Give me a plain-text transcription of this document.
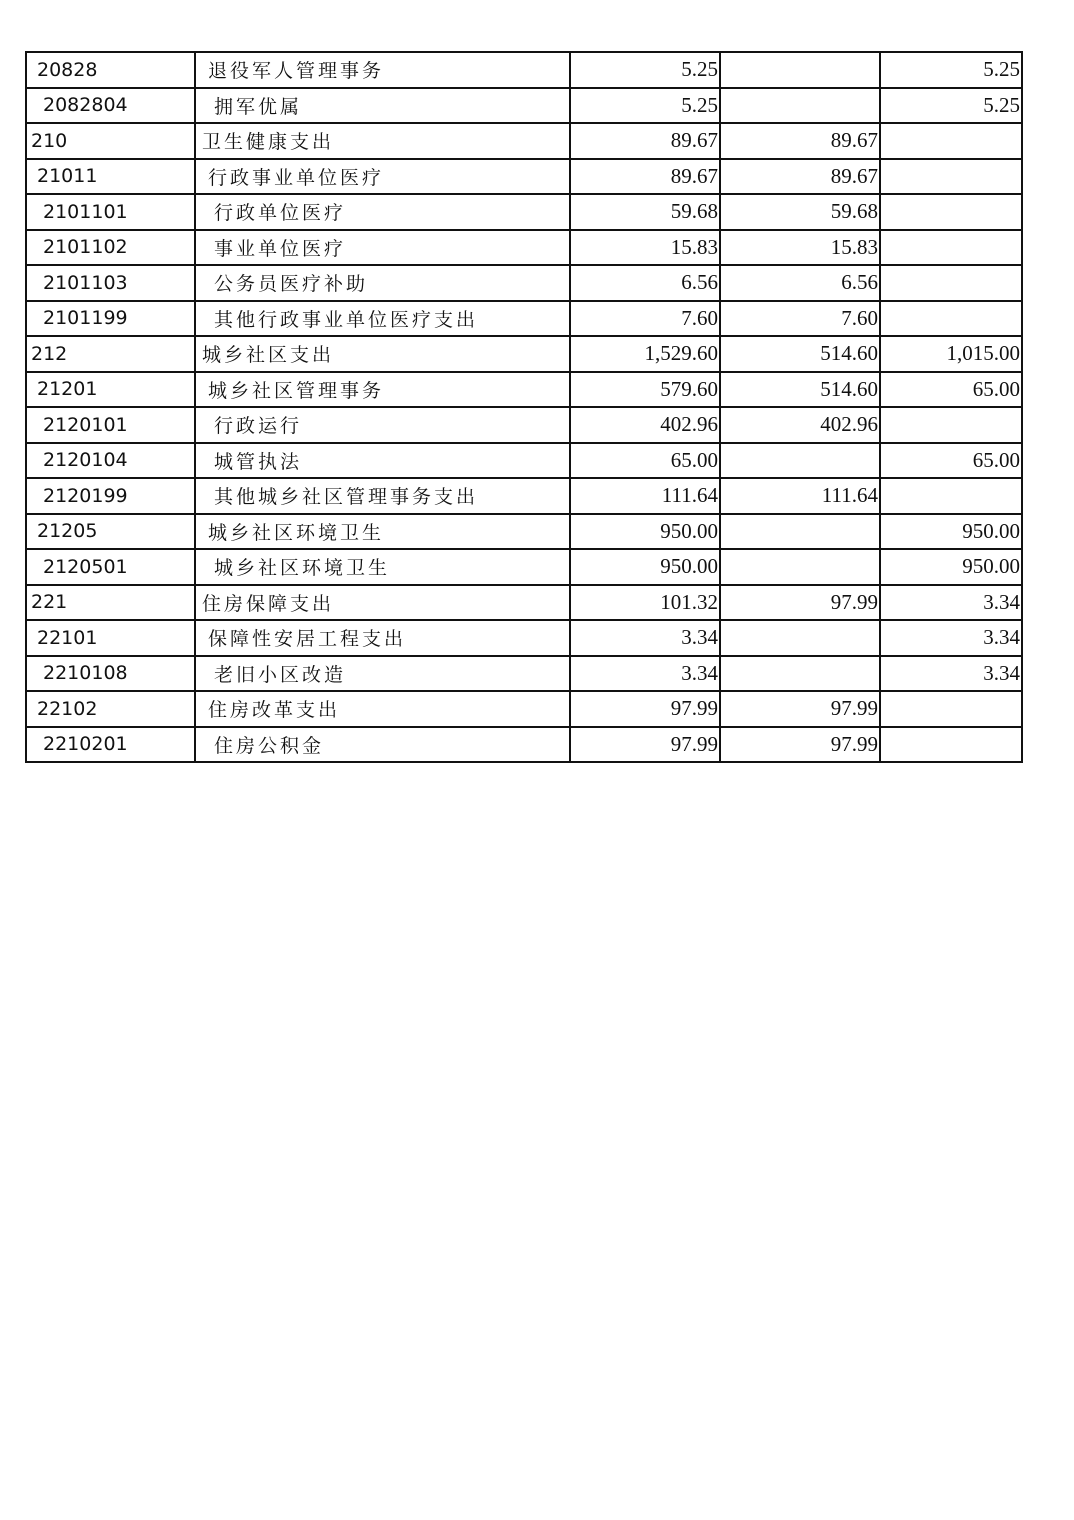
20828	退役军人管理事务	5.25		5.25
2082804	拥军优属	5.25		5.25
210	卫生健康支出	89.67	89.67	
21011	行政事业单位医疗	89.67	89.67	
2101101	行政单位医疗	59.68	59.68	
2101102	事业单位医疗	15.83	15.83	
2101103	公务员医疗补助	6.56	6.56	
2101199	其他行政事业单位医疗支出	7.60	7.60	
212	城乡社区支出	1,529.60	514.60	1,015.00
21201	城乡社区管理事务	579.60	514.60	65.00
2120101	行政运行	402.96	402.96	
2120104	城管执法	65.00		65.00
2120199	其他城乡社区管理事务支出	111.64	111.64	
21205	城乡社区环境卫生	950.00		950.00
2120501	城乡社区环境卫生	950.00		950.00
221	住房保障支出	101.32	97.99	3.34
22101	保障性安居工程支出	3.34		3.34
2210108	老旧小区改造	3.34		3.34
22102	住房改革支出	97.99	97.99	
2210201	住房公积金	97.99	97.99	
